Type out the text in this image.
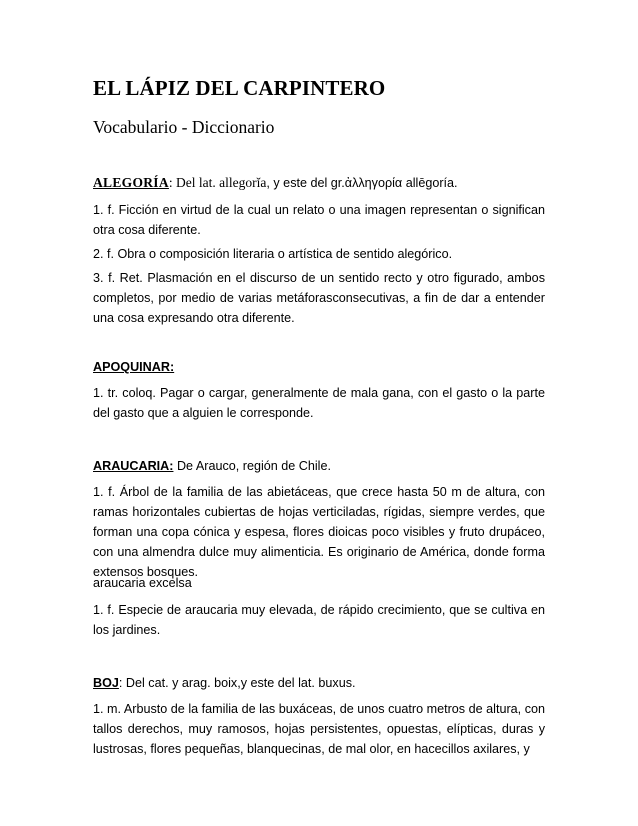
EL LÁPIZ DEL CARPINTERO
Vocabulario - Diccionario

ALEGORÍA: Del lat. allegorĭa, y este del gr.ἀλληγορία allēgoría.

1. f. Ficción en virtud de la cual un relato o una imagen representan o significan otra cosa diferente.

2. f. Obra o composición literaria o artística de sentido alegórico.

3. f. Ret. Plasmación en el discurso de un sentido recto y otro figurado, ambos completos, por medio de varias metáforasconsecutivas, a fin de dar a entender una cosa expresando otra diferente.

APOQUINAR:

1. tr. coloq. Pagar o cargar, generalmente de mala gana, con el gasto o la parte del gasto que a alguien le corresponde.

ARAUCARIA: De Arauco, región de Chile.

1. f. Árbol de la familia de las abietáceas, que crece hasta 50 m de altura, con ramas horizontales cubiertas de hojas verticiladas, rígidas, siempre verdes, que forman una copa cónica y espesa, flores dioicas poco visibles y fruto drupáceo, con una almendra dulce muy alimenticia. Es originario de América, donde forma extensos bosques.

araucaria excelsa

1. f. Especie de araucaria muy elevada, de rápido crecimiento, que se cultiva en los jardines.

BOJ: Del cat. y arag. boix,y este del lat. buxus.

1. m. Arbusto de la familia de las buxáceas, de unos cuatro metros de altura, con tallos derechos, muy ramosos, hojas persistentes, opuestas, elípticas, duras y lustrosas, flores pequeñas, blanquecinas, de mal olor, en hacecillos axilares, y
